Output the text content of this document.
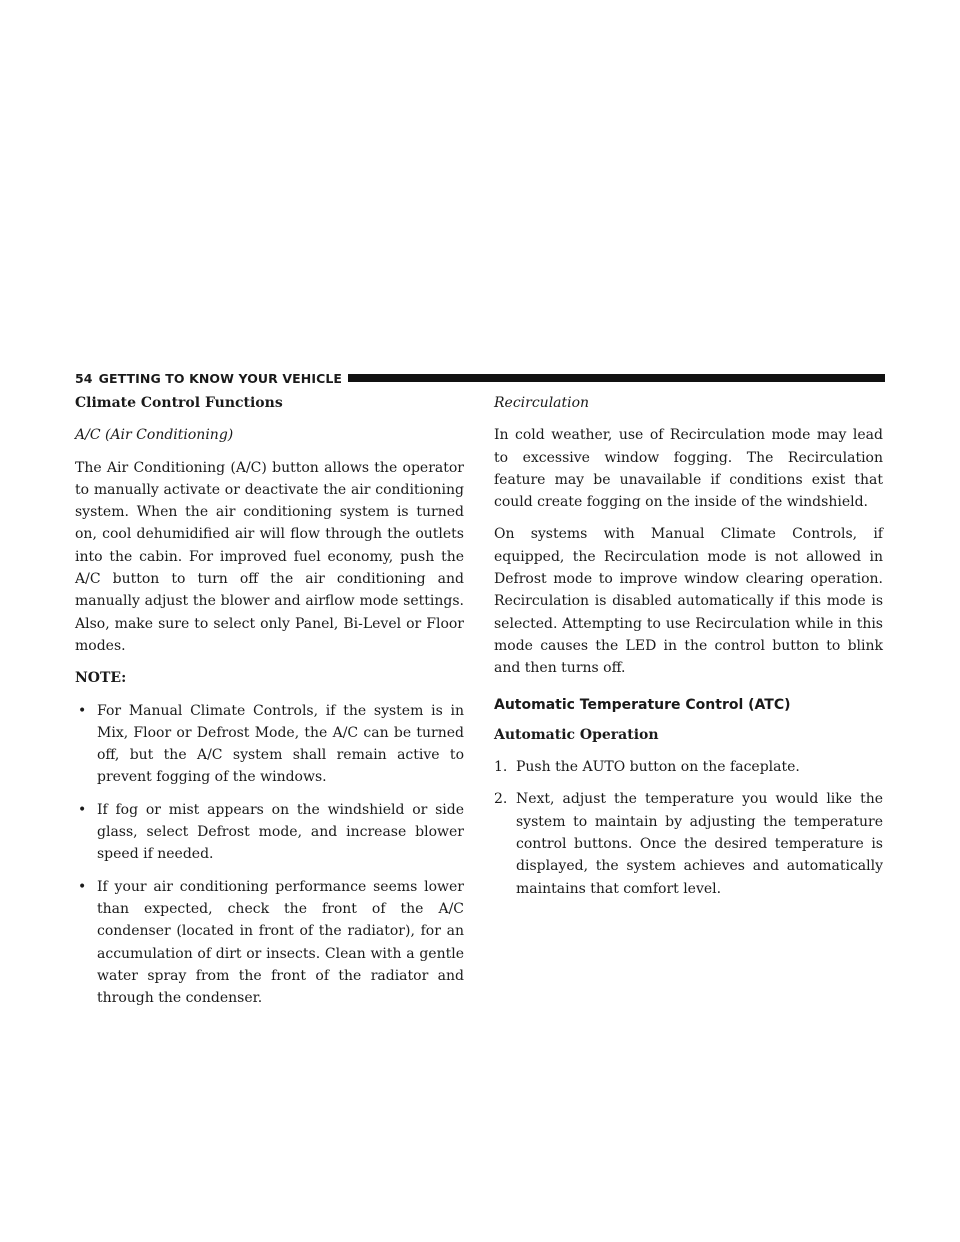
54 GETTING TO KNOW YOUR VEHICLE
Climate Control Functions
A/C (Air Conditioning)

The Air Conditioning (A/C) button allows the operator to manually activate or deactivate the air conditioning system. When the air conditioning system is turned on, cool dehumidified air will flow through the outlets into the cabin. For improved fuel economy, push the A/C button to turn off the air conditioning and manually adjust the blower and airflow mode settings. Also, make sure to select only Panel, Bi-Level or Floor modes.

NOTE:
• For Manual Climate Controls, if the system is in Mix, Floor or Defrost Mode, the A/C can be turned off, but the A/C system shall remain active to prevent fogging of the windows.
• If fog or mist appears on the windshield or side glass, select Defrost mode, and increase blower speed if needed.
• If your air conditioning performance seems lower than expected, check the front of the A/C condenser (located in front of the radiator), for an accumulation of dirt or insects. Clean with a gentle water spray from the front of the radiator and through the condenser.
Recirculation

In cold weather, use of Recirculation mode may lead to excessive window fogging. The Recirculation feature may be unavailable if conditions exist that could create fogging on the inside of the windshield.

On systems with Manual Climate Controls, if equipped, the Recirculation mode is not allowed in Defrost mode to improve window clearing operation. Recirculation is disabled automatically if this mode is selected. Attempting to use Recirculation while in this mode causes the LED in the control button to blink and then turns off.

Automatic Temperature Control (ATC)
Automatic Operation
1. Push the AUTO button on the faceplate.
2. Next, adjust the temperature you would like the system to maintain by adjusting the temperature control buttons. Once the desired temperature is displayed, the system achieves and automatically maintains that comfort level.
